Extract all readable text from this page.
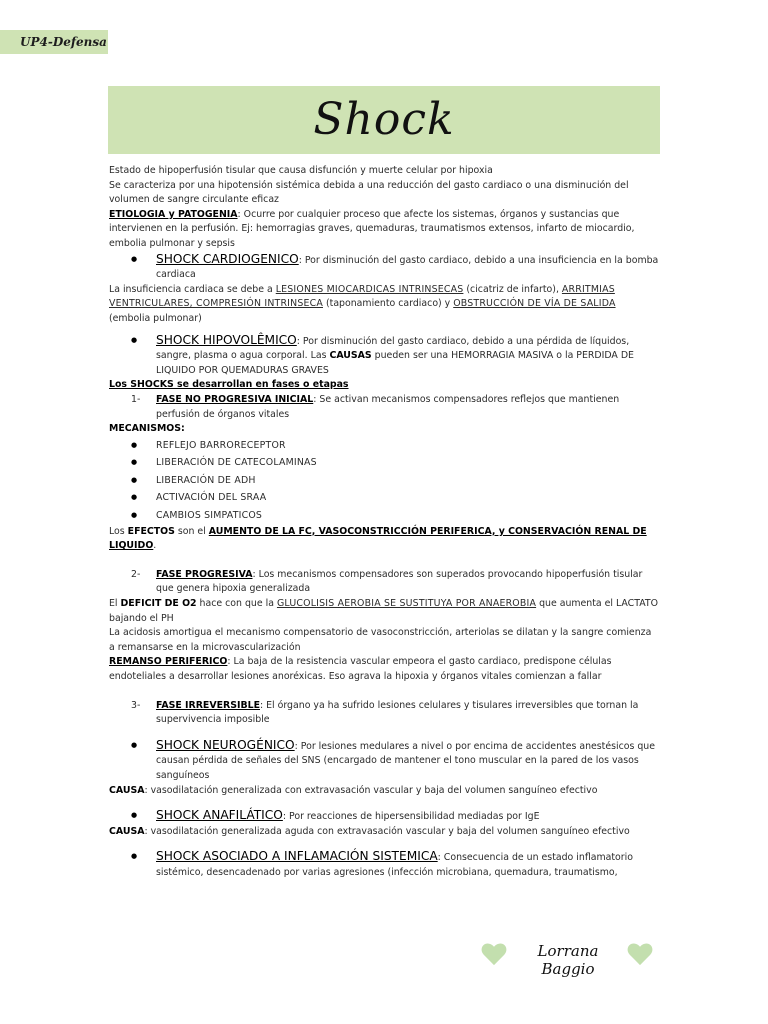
UP4-Defensa
Shock

Estado de hipoperfusión tisular que causa disfunción y muerte celular por hipoxia

Se caracteriza por una hipotensión sistémica debida a una reducción del gasto cardiaco o una disminución del volumen de sangre circulante eficaz

ETIOLOGIA y PATOGENIA: Ocurre por cualquier proceso que afecte los sistemas, órganos y sustancias que intervienen en la perfusión. Ej: hemorragias graves, quemaduras, traumatismos extensos, infarto de miocardio, embolia pulmonar y sepsis

● SHOCK CARDIOGENICO: Por disminución del gasto cardiaco, debido a una insuficiencia en la bomba cardiaca

La insuficiencia cardiaca se debe a LESIONES MIOCARDICAS INTRINSECAS (cicatriz de infarto), ARRITMIAS VENTRICULARES, COMPRESIÓN INTRINSECA (taponamiento cardiaco) y OBSTRUCCIÓN DE VÍA DE SALIDA (embolia pulmonar)

● SHOCK HIPOVOLÊMICO: Por disminución del gasto cardiaco, debido a una pérdida de líquidos, sangre, plasma o agua corporal. Las CAUSAS pueden ser una HEMORRAGIA MASIVA o la PERDIDA DE LIQUIDO POR QUEMADURAS GRAVES

Los SHOCKS se desarrollan en fases o etapas

1- FASE NO PROGRESIVA INICIAL: Se activan mecanismos compensadores reflejos que mantienen perfusión de órganos vitales

MECANISMOS:

● REFLEJO BARRORECEPTOR
● LIBERACIÓN DE CATECOLAMINAS
● LIBERACIÓN DE ADH
● ACTIVACIÓN DEL SRAA
● CAMBIOS SIMPATICOS

Los EFECTOS son el AUMENTO DE LA FC, VASOCONSTRICCIÓN PERIFERICA, y CONSERVACIÓN RENAL DE LIQUIDO.

2- FASE PROGRESIVA: Los mecanismos compensadores son superados provocando hipoperfusión tisular que genera hipoxia generalizada

El DEFICIT DE O2 hace con que la GLUCOLISIS AEROBIA SE SUSTITUYA POR ANAEROBIA que aumenta el LACTATO bajando el PH

La acidosis amortigua el mecanismo compensatorio de vasoconstricción, arteriolas se dilatan y la sangre comienza a remansarse en la microvascularización

REMANSO PERIFERICO: La baja de la resistencia vascular empeora el gasto cardiaco, predispone células endoteliales a desarrollar lesiones anoréxicas. Eso agrava la hipoxia y órganos vitales comienzan a fallar

3- FASE IRREVERSIBLE: El órgano ya ha sufrido lesiones celulares y tisulares irreversibles que tornan la supervivencia imposible
● SHOCK NEUROGÉNICO: Por lesiones medulares a nivel o por encima de accidentes anestésicos que causan pérdida de señales del SNS (encargado de mantener el tono muscular en la pared de los vasos sanguíneos

CAUSA: vasodilatación generalizada con extravasación vascular y baja del volumen sanguíneo efectivo

● SHOCK ANAFILÁTICO: Por reacciones de hipersensibilidad mediadas por IgE

CAUSA: vasodilatación generalizada aguda con extravasación vascular y baja del volumen sanguíneo efectivo

● SHOCK ASOCIADO A INFLAMACIÓN SISTEMICA: Consecuencia de un estado inflamatorio sistémico, desencadenado por varias agresiones (infección microbiana, quemadura, traumatismo,
Lorrana Baggio
